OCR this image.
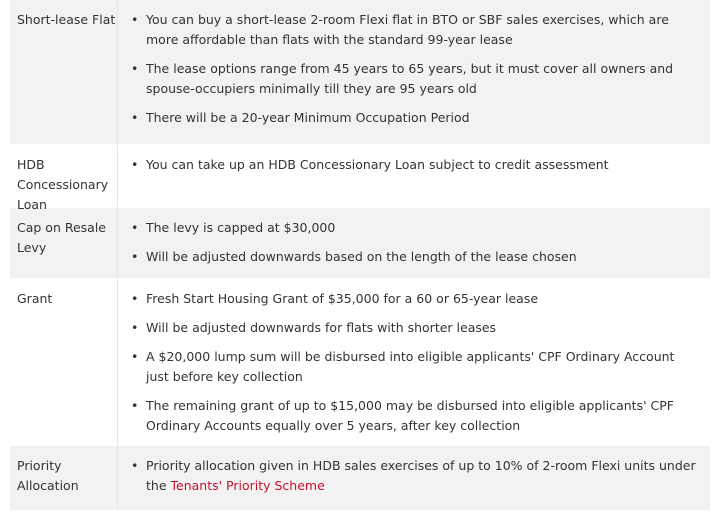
Short-lease Flat	• You can buy a short-lease 2-room Flexi flat in BTO or SBF sales exercises, which are more affordable than flats with the standard 99-year lease
• The lease options range from 45 years to 65 years, but it must cover all owners and spouse-occupiers minimally till they are 95 years old
• There will be a 20-year Minimum Occupation Period
HDB Concessionary Loan
• You can take up an HDB Concessionary Loan subject to credit assessment
Cap on Resale Levy
• The levy is capped at $30,000
• Will be adjusted downwards based on the length of the lease chosen
Grant	• Fresh Start Housing Grant of $35,000 for a 60 or 65-year lease
• Will be adjusted downwards for flats with shorter leases
• A $20,000 lump sum will be disbursed into eligible applicants' CPF Ordinary Account just before key collection
• The remaining grant of up to $15,000 may be disbursed into eligible applicants' CPF Ordinary Accounts equally over 5 years, after key collection
Priority Allocation
• Priority allocation given in HDB sales exercises of up to 10% of 2-room Flexi units under the Tenants' Priority Scheme
